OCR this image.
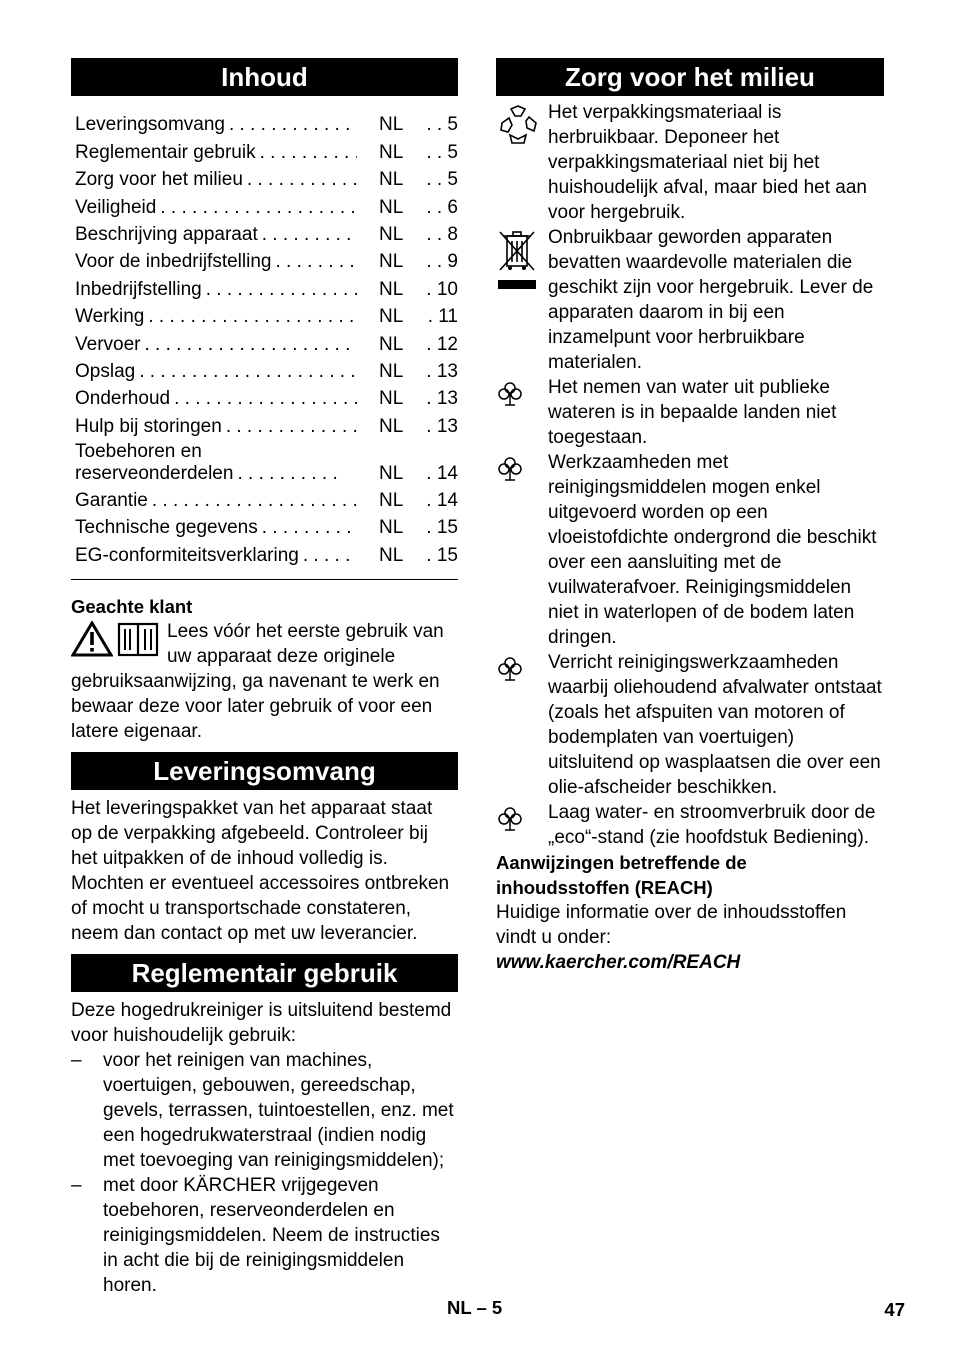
Inhoud
Leveringsomvang . . .	NL	. . 5
Reglementair gebruik . . .	NL	. . 5
Zorg voor het milieu . . .	NL	. . 5
Veiligheid . . .	NL	. . 6
Beschrijving apparaat . . .	NL	. . 8
Voor de inbedrijfstelling . . .	NL	. . 9
Inbedrijfstelling . . .	NL	. 10
Werking . . .	NL	. 11
Vervoer . . .	NL	. 12
Opslag . . .	NL	. 13
Onderhoud . . .	NL	. 13
Hulp bij storingen . . .	NL	. 13
Toebehoren en
reserveonderdelen . . .	NL	. 14
Garantie . . .	NL	. 14
Technische gegevens . . .	NL	. 15
EG-conformiteitsverklaring . . .	NL	. 15
Geachte klant
Lees vóór het eerste gebruik van uw apparaat deze originele gebruiksaanwijzing, ga navenant te werk en bewaar deze voor later gebruik of voor een latere eigenaar.
Leveringsomvang
Het leveringspakket van het apparaat staat op de verpakking afgebeeld. Controleer bij het uitpakken of de inhoud volledig is. Mochten er eventueel accessoires ontbreken of mocht u transportschade constateren, neem dan contact op met uw leverancier.
Reglementair gebruik
Deze hogedrukreiniger is uitsluitend bestemd voor huishoudelijk gebruik:
–	voor het reinigen van machines, voertuigen, gebouwen, gereedschap, gevels, terrassen, tuintoestellen, enz. met een hogedrukwaterstraal (indien nodig met toevoeging van reinigingsmiddelen);
–	met door KÄRCHER vrijgegeven toebehoren, reserveonderdelen en reinigingsmiddelen. Neem de instructies in acht die bij de reinigingsmiddelen horen.
Zorg voor het milieu
Het verpakkingsmateriaal is herbruikbaar. Deponeer het verpakkingsmateriaal niet bij het huishoudelijk afval, maar bied het aan voor hergebruik.
Onbruikbaar geworden apparaten bevatten waardevolle materialen die geschikt zijn voor hergebruik. Lever de apparaten daarom in bij een inzamelpunt voor herbruikbare materialen.
Het nemen van water uit publieke wateren is in bepaalde landen niet toegestaan.
Werkzaamheden met reinigingsmiddelen mogen enkel uitgevoerd worden op een vloeistofdichte ondergrond die beschikt over een aansluiting met de vuilwaterafvoer. Reinigingsmiddelen niet in waterlopen of de bodem laten dringen.
Verricht reinigingswerkzaamheden waarbij oliehoudend afvalwater ontstaat (zoals het afspuiten van motoren of bodemplaten van voertuigen) uitsluitend op wasplaatsen die over een olie-afscheider beschikken.
Laag water- en stroomverbruik door de „eco“-stand (zie hoofdstuk Bediening).
Aanwijzingen betreffende de inhoudsstoffen (REACH)
Huidige informatie over de inhoudsstoffen vindt u onder:
www.kaercher.com/REACH
NL – 5	47
